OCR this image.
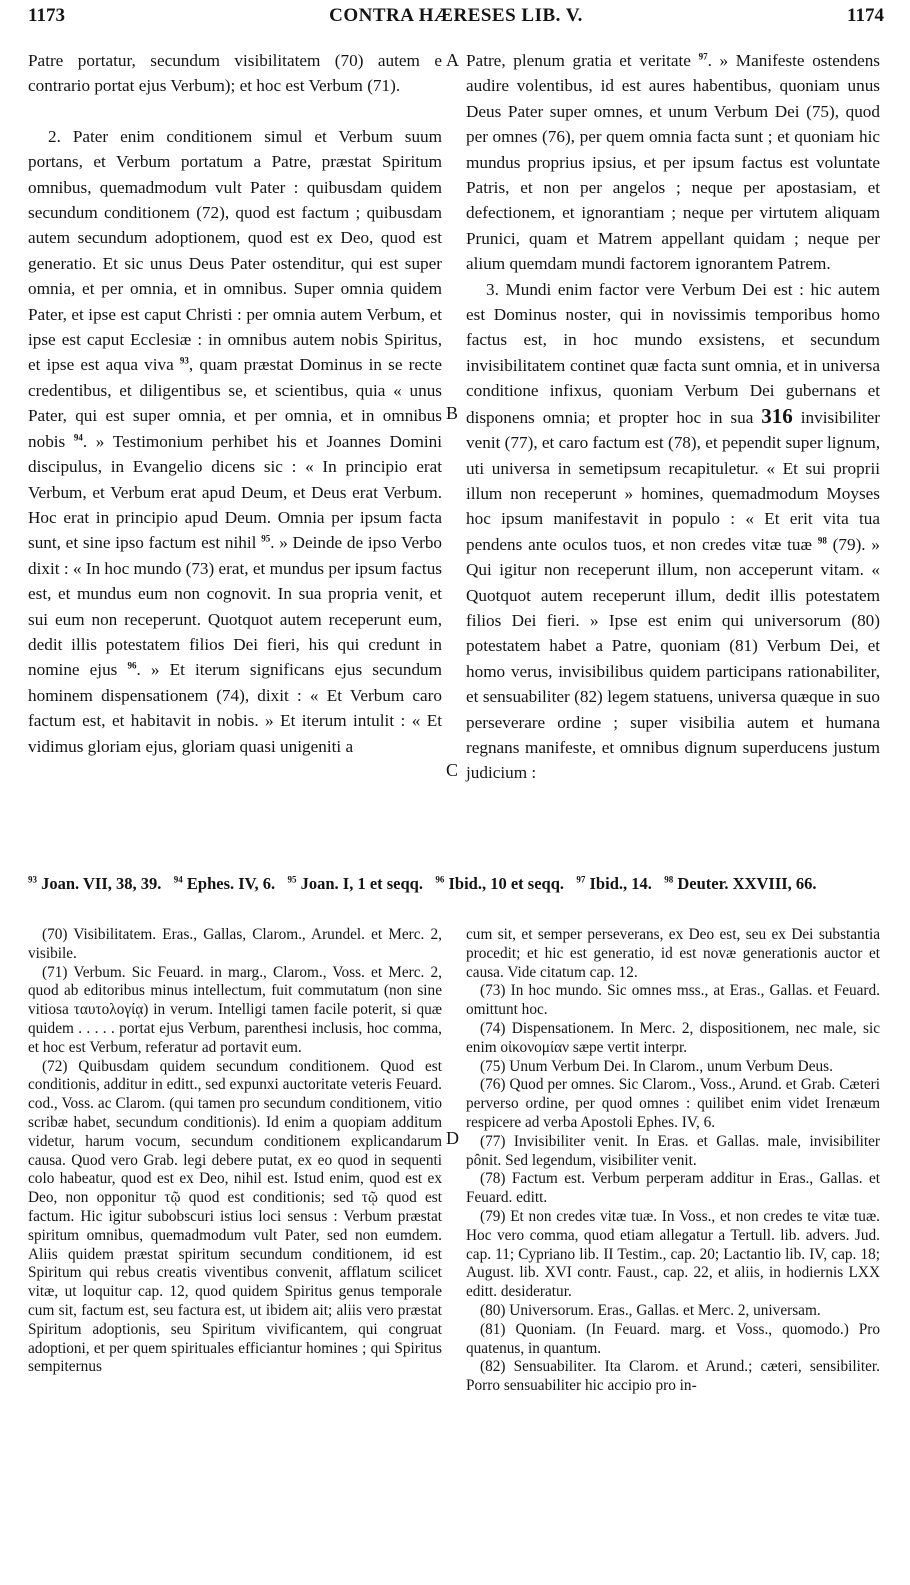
1173	CONTRA HÆRESES LIB. V.	1174
A
B
C
D

Patre portatur, secundum visibilitatem (70) autem e contrario portat ejus Verbum); et hoc est Verbum (71).

2. Pater enim conditionem simul et Verbum suum portans, et Verbum portatum a Patre, præstat Spiritum omnibus, quemadmodum vult Pater : quibusdam quidem secundum conditionem (72), quod est factum ; quibusdam autem secundum adoptionem, quod est ex Deo, quod est generatio. Et sic unus Deus Pater ostenditur, qui est super omnia, et per omnia, et in omnibus. Super omnia quidem Pater, et ipse est caput Christi : per omnia autem Verbum, et ipse est caput Ecclesiæ : in omnibus autem nobis Spiritus, et ipse est aqua viva $^{93}$, quam præstat Dominus in se recte credentibus, et diligentibus se, et scientibus, quia « unus Pater, qui est super omnia, et per omnia, et in omnibus nobis $^{94}$. » Testimonium perhibet his et Joannes Domini discipulus, in Evangelio dicens sic : « In principio erat Verbum, et Verbum erat apud Deum, et Deus erat Verbum. Hoc erat in principio apud Deum. Omnia per ipsum facta sunt, et sine ipso factum est nihil $^{95}$. » Deinde de ipso Verbo dixit : « In hoc mundo (73) erat, et mundus per ipsum factus est, et mundus eum non cognovit. In sua propria venit, et sui eum non receperunt. Quotquot autem receperunt eum, dedit illis potestatem filios Dei fieri, his qui credunt in nomine ejus $^{96}$. » Et iterum significans ejus secundum hominem dispensationem (74), dixit : « Et Verbum caro factum est, et habitavit in nobis. » Et iterum intulit : « Et vidimus gloriam ejus, gloriam quasi unigeniti a

Patre, plenum gratia et veritate $^{97}$. » Manifeste ostendens audire volentibus, id est aures habentibus, quoniam unus Deus Pater super omnes, et unum Verbum Dei (75), quod per omnes (76), per quem omnia facta sunt ; et quoniam hic mundus proprius ipsius, et per ipsum factus est voluntate Patris, et non per angelos ; neque per apostasiam, et defectionem, et ignorantiam ; neque per virtutem aliquam Prunici, quam et Matrem appellant quidam ; neque per alium quemdam mundi factorem ignorantem Patrem.

3. Mundi enim factor vere Verbum Dei est : hic autem est Dominus noster, qui in novissimis temporibus homo factus est, in hoc mundo exsistens, et secundum invisibilitatem continet quæ facta sunt omnia, et in universa conditione infixus, quoniam Verbum Dei gubernans et disponens omnia; et propter hoc in sua 316 invisibiliter venit (77), et caro factum est (78), et pependit super lignum, uti universa in semetipsum recapituletur. « Et sui proprii illum non receperunt » homines, quemadmodum Moyses hoc ipsum manifestavit in populo : « Et erit vita tua pendens ante oculos tuos, et non credes vitæ tuæ $^{98}$ (79). » Qui igitur non receperunt illum, non acceperunt vitam. « Quotquot autem receperunt illum, dedit illis potestatem filios Dei fieri. » Ipse est enim qui universorum (80) potestatem habet a Patre, quoniam (81) Verbum Dei, et homo verus, invisibilibus quidem participans rationabiliter, et sensuabiliter (82) legem statuens, universa quæque in suo perseverare ordine ; super visibilia autem et humana regnans manifeste, et omnibus dignum superducens justum judicium :

$^{93}$ Joan. VII, 38, 39. $^{94}$ Ephes. IV, 6. $^{95}$ Joan. I, 1 et seqq. $^{96}$ Ibid., 10 et seqq. $^{97}$ Ibid., 14. $^{98}$ Deuter. XXVIII, 66.

(70) Visibilitatem. Eras., Gallas, Clarom., Arundel. et Merc. 2, visibile.

(71) Verbum. Sic Feuard. in marg., Clarom., Voss. et Merc. 2, quod ab editoribus minus intellectum, fuit commutatum (non sine vitiosa ταυτολογίᾳ) in verum. Intelligi tamen facile poterit, si quæ quidem . . . . . portat ejus Verbum, parenthesi inclusis, hoc comma, et hoc est Verbum, referatur ad portavit eum.

(72) Quibusdam quidem secundum conditionem. Quod est conditionis, additur in editt., sed expunxi auctoritate veteris Feuard. cod., Voss. ac Clarom. (qui tamen pro secundum conditionem, vitio scribæ habet, secundum conditionis). Id enim a quopiam additum videtur, harum vocum, secundum conditionem explicandarum causa. Quod vero Grab. legi debere putat, ex eo quod in sequenti colo habeatur, quod est ex Deo, nihil est. Istud enim, quod est ex Deo, non opponitur τῷ quod est conditionis; sed τῷ quod est factum. Hic igitur subobscuri istius loci sensus : Verbum præstat spiritum omnibus, quemadmodum vult Pater, sed non eumdem. Aliis quidem præstat spiritum secundum conditionem, id est Spiritum qui rebus creatis viventibus convenit, afflatum scilicet vitæ, ut loquitur cap. 12, quod quidem Spiritus genus temporale cum sit, factum est, seu factura est, ut ibidem ait; aliis vero præstat Spiritum adoptionis, seu Spiritum vivificantem, qui congruat adoptioni, et per quem spirituales efficiantur homines ; qui Spiritus sempiternus

cum sit, et semper perseverans, ex Deo est, seu ex Dei substantia procedit; et hic est generatio, id est novæ generationis auctor et causa. Vide citatum cap. 12.

(73) In hoc mundo. Sic omnes mss., at Eras., Gallas. et Feuard. omittunt hoc.

(74) Dispensationem. In Merc. 2, dispositionem, nec male, sic enim οἰκονομίαν sæpe vertit interpr.

(75) Unum Verbum Dei. In Clarom., unum Verbum Deus.

(76) Quod per omnes. Sic Clarom., Voss., Arund. et Grab. Cæteri perverso ordine, per quod omnes : quilibet enim videt Irenæum respicere ad verba Apostoli Ephes. IV, 6.

(77) Invisibiliter venit. In Eras. et Gallas. male, invisibiliter pônit. Sed legendum, visibiliter venit.

(78) Factum est. Verbum perperam additur in Eras., Gallas. et Feuard. editt.

(79) Et non credes vitæ tuæ. In Voss., et non credes te vitæ tuæ. Hoc vero comma, quod etiam allegatur a Tertull. lib. advers. Jud. cap. 11; Cypriano lib. II Testim., cap. 20; Lactantio lib. IV, cap. 18; August. lib. XVI contr. Faust., cap. 22, et aliis, in hodiernis LXX editt. desideratur.

(80) Universorum. Eras., Gallas. et Merc. 2, universam.

(81) Quoniam. (In Feuard. marg. et Voss., quomodo.) Pro quatenus, in quantum.

(82) Sensuabiliter. Ita Clarom. et Arund.; cæteri, sensibiliter. Porro sensuabiliter hic accipio pro in-
